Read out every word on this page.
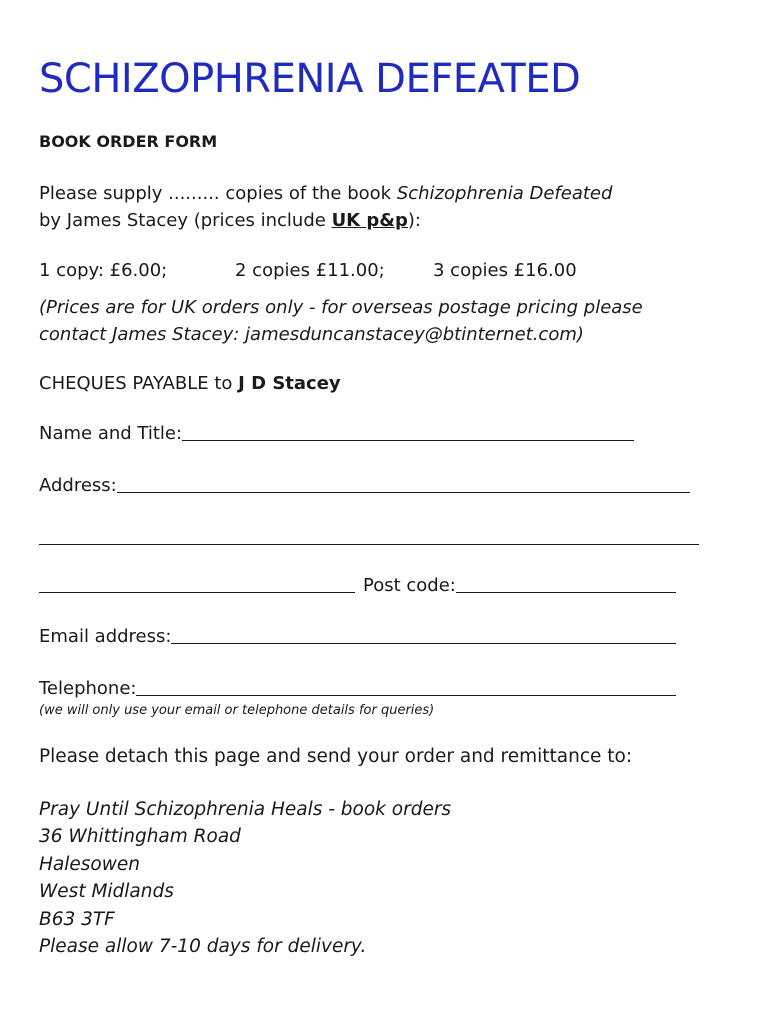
SCHIZOPHRENIA DEFEATED
BOOK ORDER FORM

Please supply ......... copies of the book Schizophrenia Defeated
by James Stacey (prices include UK p&p):

1 copy: £6.00;	2 copies £11.00;	3 copies £16.00

(Prices are for UK orders only - for overseas postage pricing please
contact James Stacey: jamesduncanstacey@btinternet.com)

CHEQUES PAYABLE to J D Stacey

Name and Title:
Address:
Post code:
Email address:
Telephone:

(we will only use your email or telephone details for queries)

Please detach this page and send your order and remittance to:

Pray Until Schizophrenia Heals - book orders
36 Whittingham Road
Halesowen
West Midlands
B63 3TF
Please allow 7-10 days for delivery.
